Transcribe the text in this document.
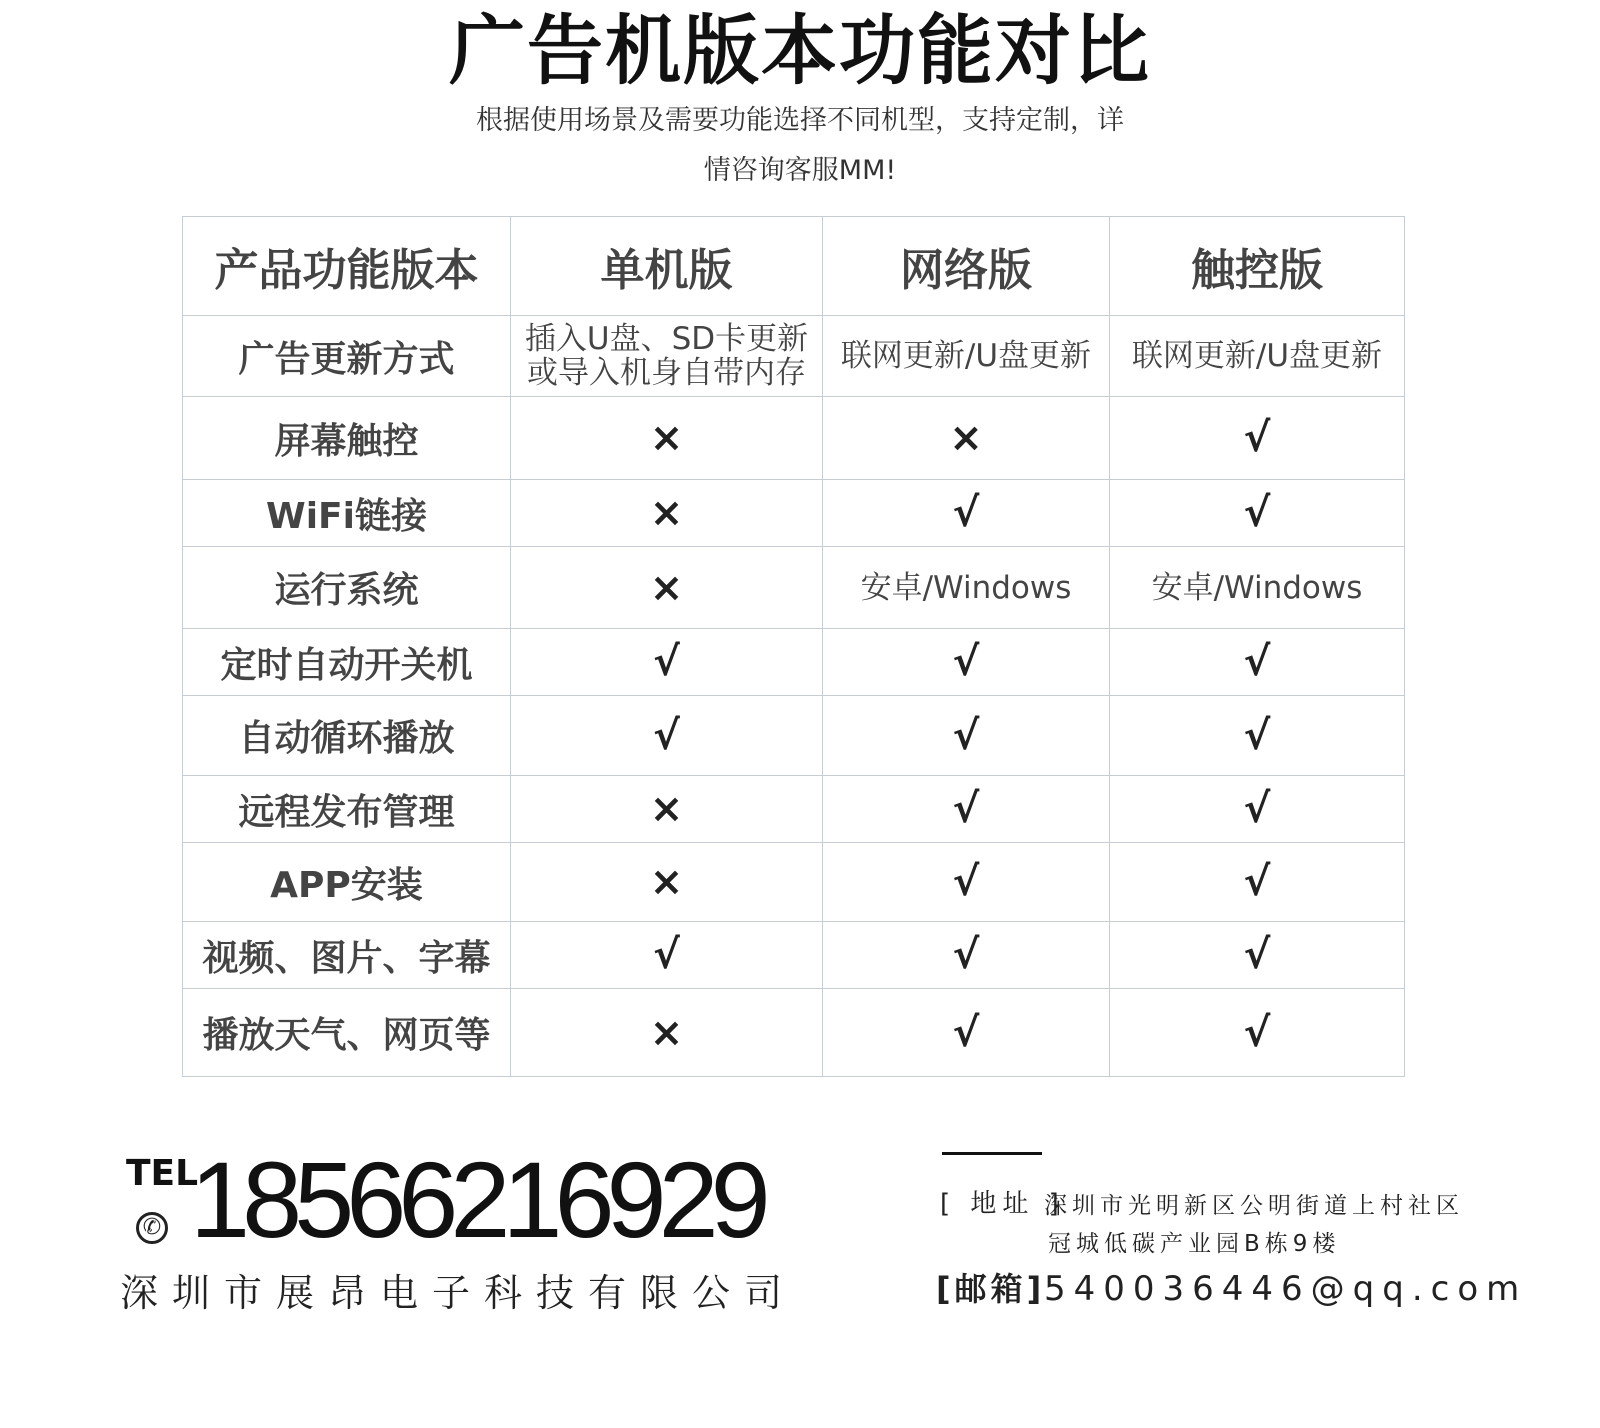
广告机版本功能对比
根据使用场景及需要功能选择不同机型，支持定制，详
情咨询客服MM!
产品功能版本	单机版	网络版	触控版
广告更新方式	插入U盘、SD卡更新或导入机身自带内存	联网更新/U盘更新	联网更新/U盘更新
屏幕触控	×	×	√
WiFi链接	×	√	√
运行系统	×	安卓/Windows	安卓/Windows
定时自动开关机	√	√	√
自动循环播放	√	√	√
远程发布管理	×	√	√
APP安装	×	√	√
视频、图片、字幕	√	√	√
播放天气、网页等	×	√	√
TEL
✆ 18566216929
深圳市展昂电子科技有限公司
[ 地址 ]
深圳市光明新区公明街道上村社区
冠城低碳产业园B栋9楼
[邮箱]
540036446@qq.com
